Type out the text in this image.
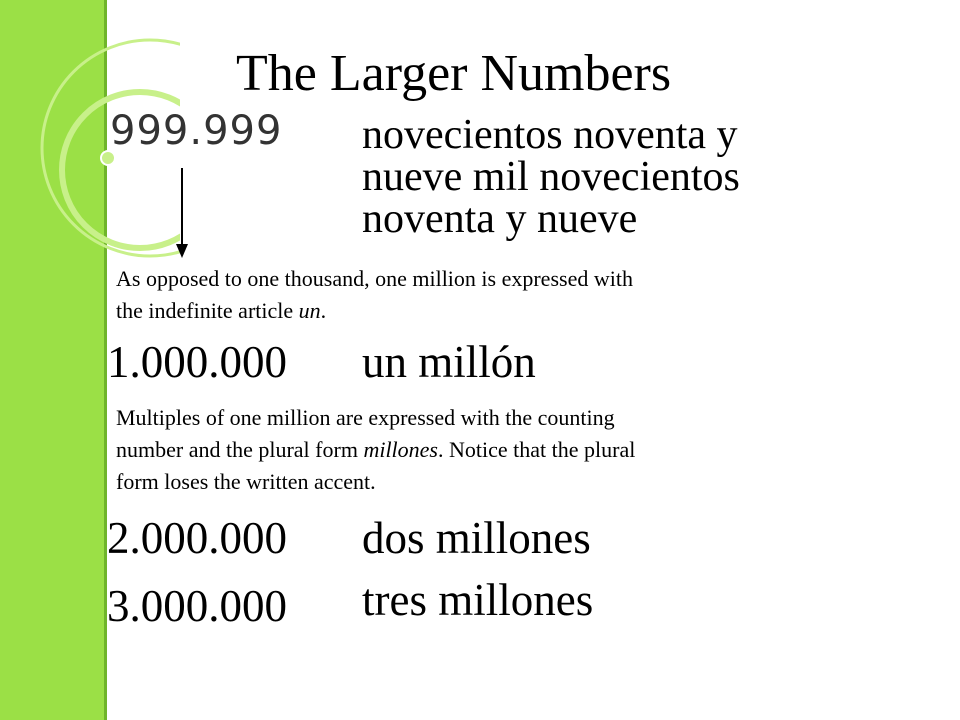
The Larger Numbers
999.999 novecientos noventa y
nueve mil novecientos
noventa y nueve
As opposed to one thousand, one million is expressed with
the indefinite article un.
1.000.000 un millón
Multiples of one million are expressed with the counting
number and the plural form millones. Notice that the plural
form loses the written accent.
2.000.000 dos millones
3.000.000 tres millones
